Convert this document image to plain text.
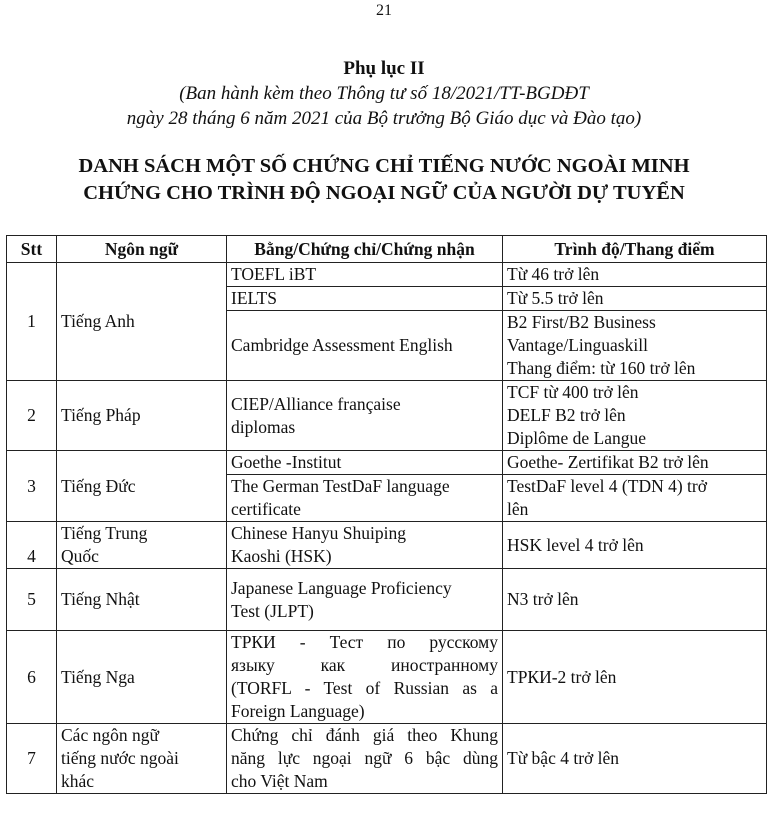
21
Phụ lục II
(Ban hành kèm theo Thông tư số 18/2021/TT-BGDĐT
ngày 28 tháng 6 năm 2021 của Bộ trưởng Bộ Giáo dục và Đào tạo)
DANH SÁCH MỘT SỐ CHỨNG CHỈ TIẾNG NƯỚC NGOÀI MINH
CHỨNG CHO TRÌNH ĐỘ NGOẠI NGỮ CỦA NGƯỜI DỰ TUYỂN
Stt	Ngôn ngữ	Bằng/Chứng chỉ/Chứng nhận	Trình độ/Thang điểm
1	Tiếng Anh	TOEFL iBT	Từ 46 trở lên
		IELTS	Từ 5.5 trở lên
		Cambridge Assessment English	B2 First/B2 Business
Vantage/Linguaskill
Thang điểm: từ 160 trở lên

2	Tiếng Pháp	CIEP/Alliance française
diplomas	TCF từ 400 trở lên
DELF B2 trở lên
Diplôme de Langue

3	Tiếng Đức	Goethe -Institut	Goethe- Zertifikat B2 trở lên

		The German TestDaF language
certificate	TestDaF level 4 (TDN 4) trở
lên

4	Tiếng Trung
Quốc	Chinese Hanyu Shuiping
Kaoshi (HSK)	HSK level 4 trở lên
5	Tiếng Nhật	Japanese Language Proficiency
Test (JLPT)	N3 trở lên
6	Tiếng Nga	ТРКИ - Тест по русскому
языку как иностранному
(TORFL - Test of Russian as a
Foreign Language)	ТРКИ-2 trở lên
7	Các ngôn ngữ
tiếng nước ngoài
khác	Chứng chỉ đánh giá theo Khung
năng lực ngoại ngữ 6 bậc dùng
cho Việt Nam	Từ bậc 4 trở lên
